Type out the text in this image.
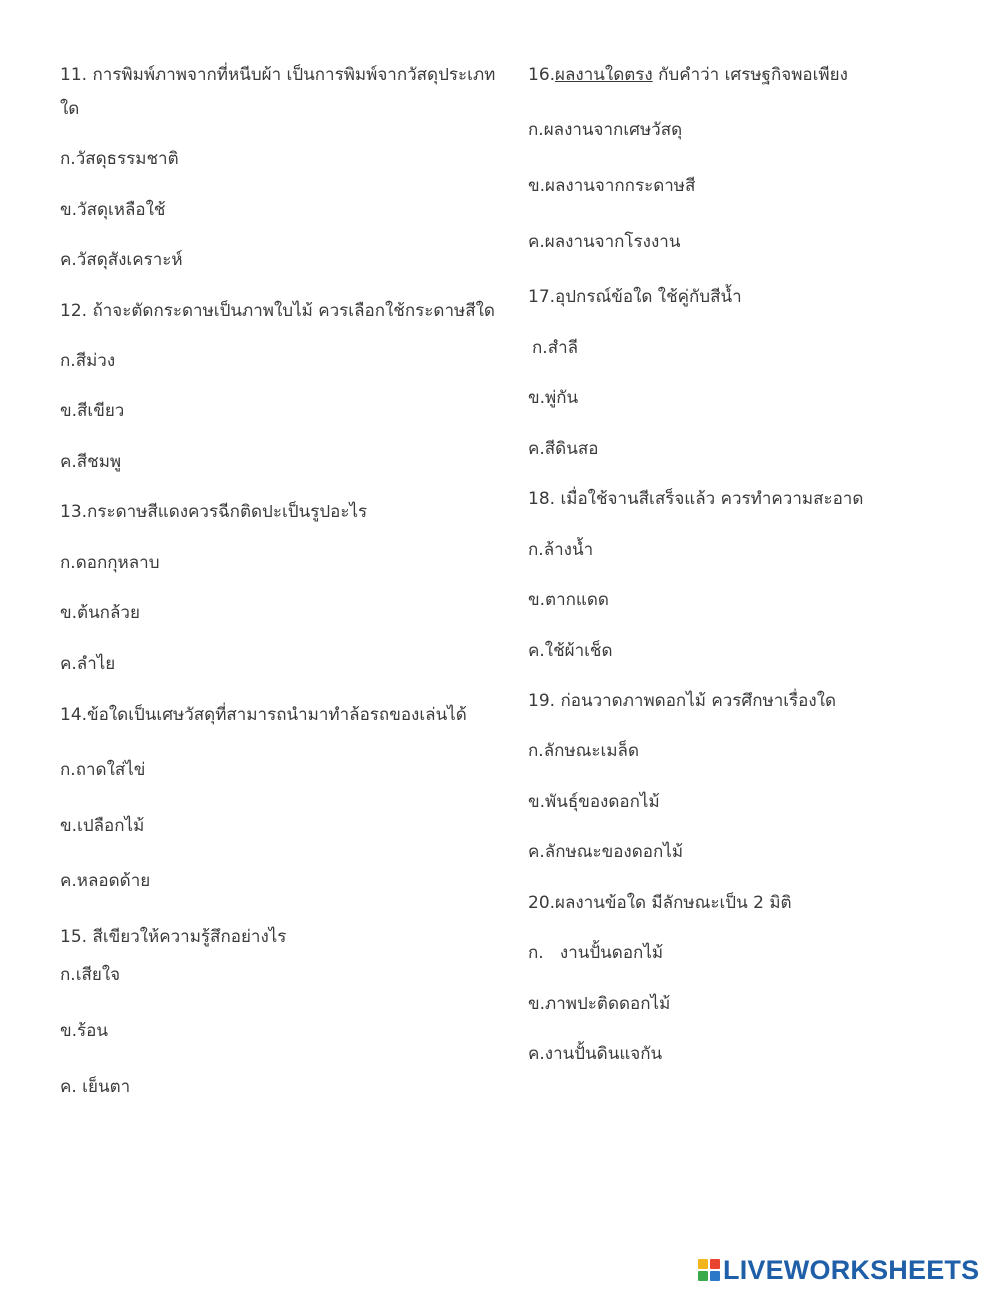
11. การพิมพ์ภาพจากที่หนีบผ้า เป็นการพิมพ์จากวัสดุประเภท
ใด
ก.วัสดุธรรมชาติ
ข.วัสดุเหลือใช้
ค.วัสดุสังเคราะห์
12. ถ้าจะตัดกระดาษเป็นภาพใบไม้ ควรเลือกใช้กระดาษสีใด
ก.สีม่วง
ข.สีเขียว
ค.สีชมพู
13.กระดาษสีแดงควรฉีกติดปะเป็นรูปอะไร
ก.ดอกกุหลาบ
ข.ต้นกล้วย
ค.ลำไย
14.ข้อใดเป็นเศษวัสดุที่สามารถนำมาทำล้อรถของเล่นได้
ก.ถาดใส่ไข่
ข.เปลือกไม้
ค.หลอดด้าย
15. สีเขียวให้ความรู้สึกอย่างไร
ก.เสียใจ
ข.ร้อน
ค. เย็นตา
16.ผลงานใดตรง กับคำว่า เศรษฐกิจพอเพียง
ก.ผลงานจากเศษวัสดุ
ข.ผลงานจากกระดาษสี
ค.ผลงานจากโรงงาน
17.อุปกรณ์ข้อใด ใช้คู่กับสีน้ำ
ก.สำลี
ข.พู่กัน
ค.สีดินสอ
18. เมื่อใช้จานสีเสร็จแล้ว ควรทำความสะอาด
ก.ล้างน้ำ
ข.ตากแดด
ค.ใช้ผ้าเช็ด
19. ก่อนวาดภาพดอกไม้ ควรศึกษาเรื่องใด
ก.ลักษณะเมล็ด
ข.พันธุ์ของดอกไม้
ค.ลักษณะของดอกไม้
20.ผลงานข้อใด มีลักษณะเป็น 2 มิติ
ก.   งานปั้นดอกไม้
ข.ภาพปะติดดอกไม้
ค.งานปั้นดินแจกัน
LIVEWORKSHEETS
